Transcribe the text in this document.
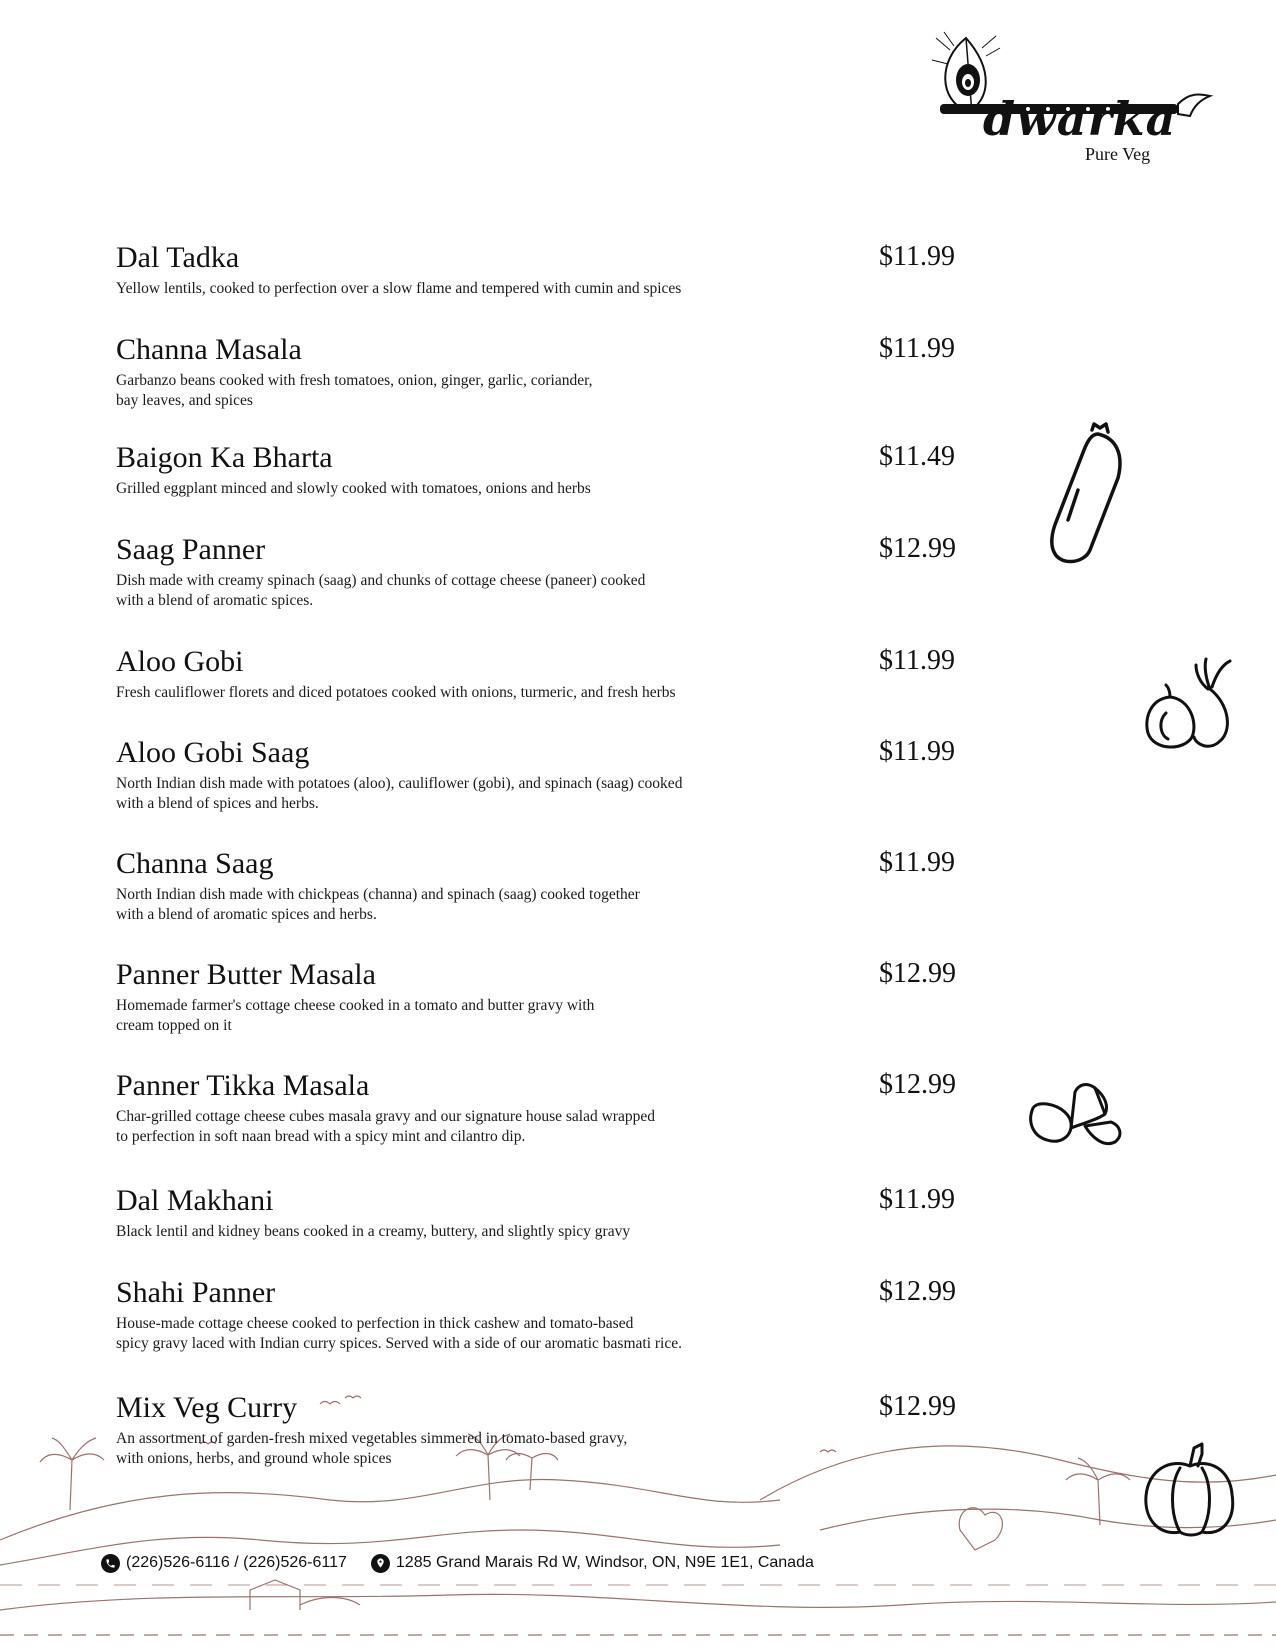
dwarka
Pure Veg
Dal Tadka	$11.99
Yellow lentils, cooked to perfection over a slow flame and tempered with cumin and spices
Channa Masala	$11.99
Garbanzo beans cooked with fresh tomatoes, onion, ginger, garlic, coriander,
bay leaves, and spices
Baigon Ka Bharta	$11.49
Grilled eggplant minced and slowly cooked with tomatoes, onions and herbs
Saag Panner	$12.99
Dish made with creamy spinach (saag) and chunks of cottage cheese (paneer) cooked
with a blend of aromatic spices.
Aloo Gobi	$11.99
Fresh cauliflower florets and diced potatoes cooked with onions, turmeric, and fresh herbs
Aloo Gobi Saag	$11.99
North Indian dish made with potatoes (aloo), cauliflower (gobi), and spinach (saag) cooked
with a blend of spices and herbs.
Channa Saag	$11.99
North Indian dish made with chickpeas (channa) and spinach (saag) cooked together
with a blend of aromatic spices and herbs.
Panner Butter Masala	$12.99
Homemade farmer's cottage cheese cooked in a tomato and butter gravy with
cream topped on it
Panner Tikka Masala	$12.99
Char-grilled cottage cheese cubes masala gravy and our signature house salad wrapped
to perfection in soft naan bread with a spicy mint and cilantro dip.
Dal Makhani	$11.99
Black lentil and kidney beans cooked in a creamy, buttery, and slightly spicy gravy
Shahi Panner	$12.99
House-made cottage cheese cooked to perfection in thick cashew and tomato-based
spicy gravy laced with Indian curry spices. Served with a side of our aromatic basmati rice.
Mix Veg Curry	$12.99
An assortment of garden-fresh mixed vegetables simmered in tomato-based gravy,
with onions, herbs, and ground whole spices
(226)526-6116 / (226)526-6117	1285 Grand Marais Rd W, Windsor, ON, N9E 1E1, Canada
